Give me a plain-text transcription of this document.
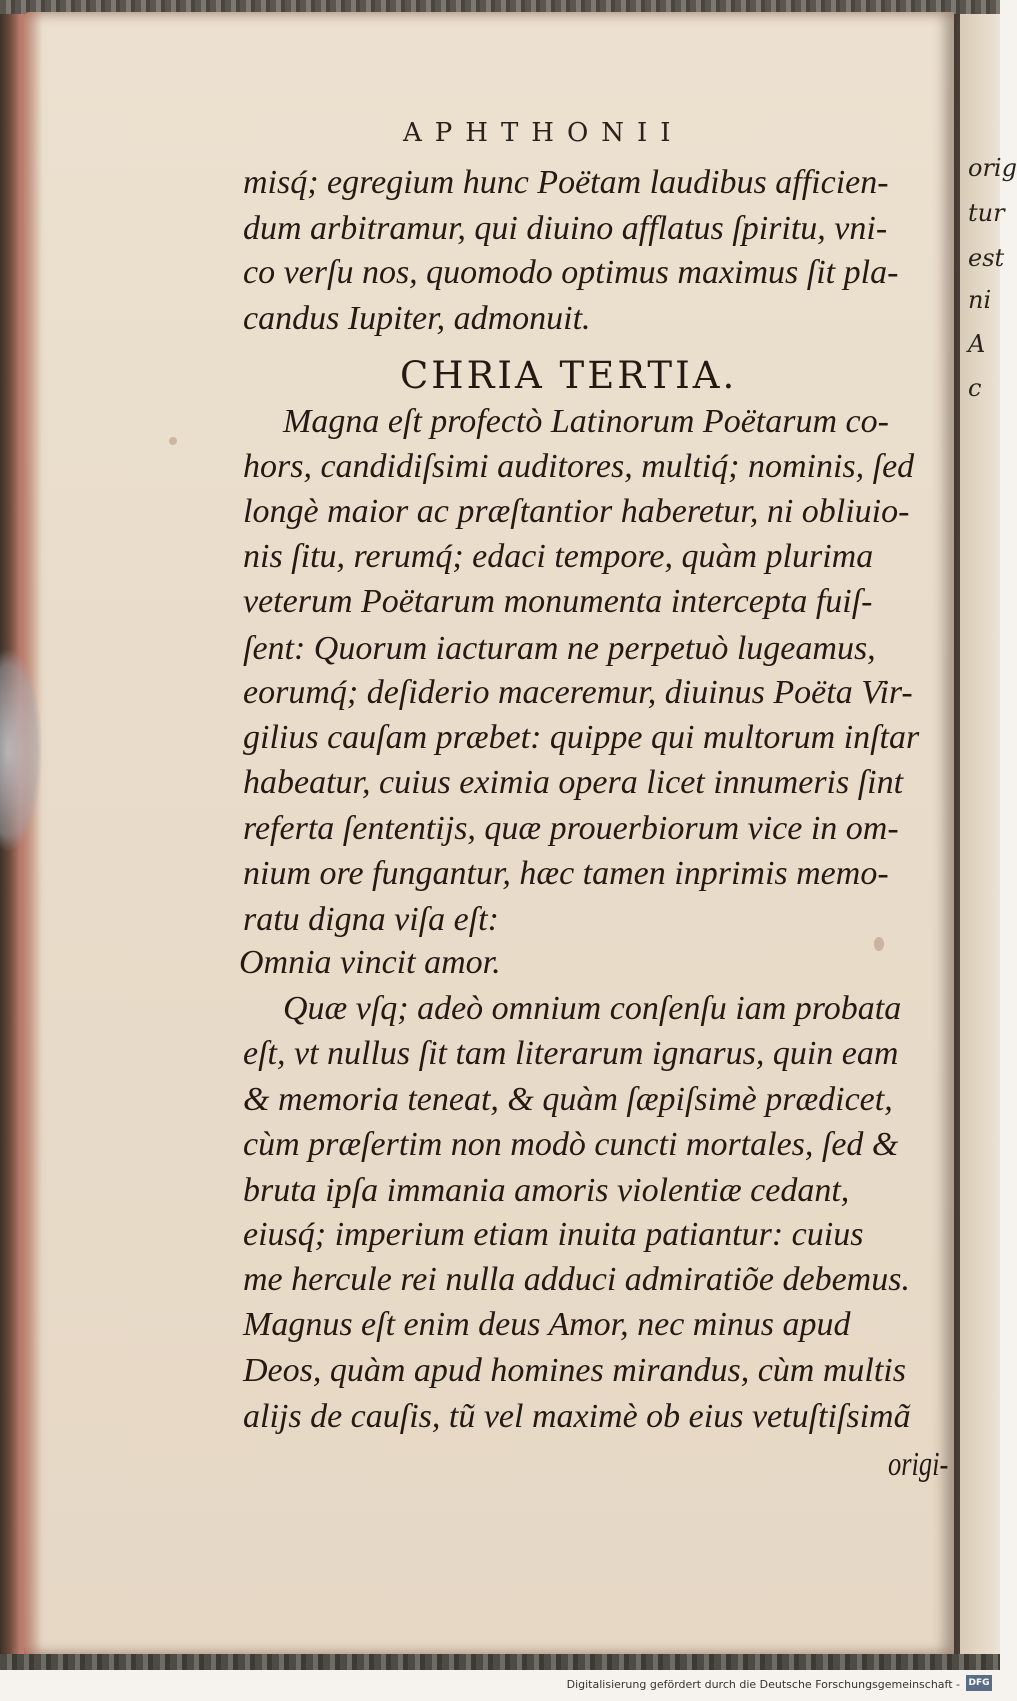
orig
tur
est
ni
A
c
APHTHONII
misq́; egregium hunc Poëtam laudibus afficien-
dum arbitramur, qui diuino afflatus ſpiritu, vni-
co verſu nos, quomodo optimus maximus ſit pla-
candus Iupiter, admonuit.
CHRIA TERTIA.
Magna eſt profectò Latinorum Poëtarum co-
hors, candidiſsimi auditores, multiq́; nominis, ſed
longè maior ac præſtantior haberetur, ni obliuio-
nis ſitu, rerumq́; edaci tempore, quàm plurima
veterum Poëtarum monumenta intercepta fuiſ-
ſent: Quorum iacturam ne perpetuò lugeamus,
eorumq́; deſiderio maceremur, diuinus Poëta Vir-
gilius cauſam præbet: quippe qui multorum inſtar
habeatur, cuius eximia opera licet innumeris ſint
referta ſententijs, quæ prouerbiorum vice in om-
nium ore fungantur, hæc tamen inprimis memo-
ratu digna viſa eſt:
Omnia vincit amor.
Quæ vſq; adeò omnium conſenſu iam probata
eſt, vt nullus ſit tam literarum ignarus, quin eam
& memoria teneat, & quàm ſæpiſsimè prædicet,
cùm præſertim non modò cuncti mortales, ſed &
bruta ipſa immania amoris violentiæ cedant,
eiusq́; imperium etiam inuita patiantur: cuius
me hercule rei nulla adduci admiratiõe debemus.
Magnus eſt enim deus Amor, nec minus apud
Deos, quàm apud homines mirandus, cùm multis
alijs de cauſis, tũ vel maximè ob eius vetuſtiſsimã
origi-
Digitalisierung gefördert durch die Deutsche Forschungsgemeinschaft - DFG
